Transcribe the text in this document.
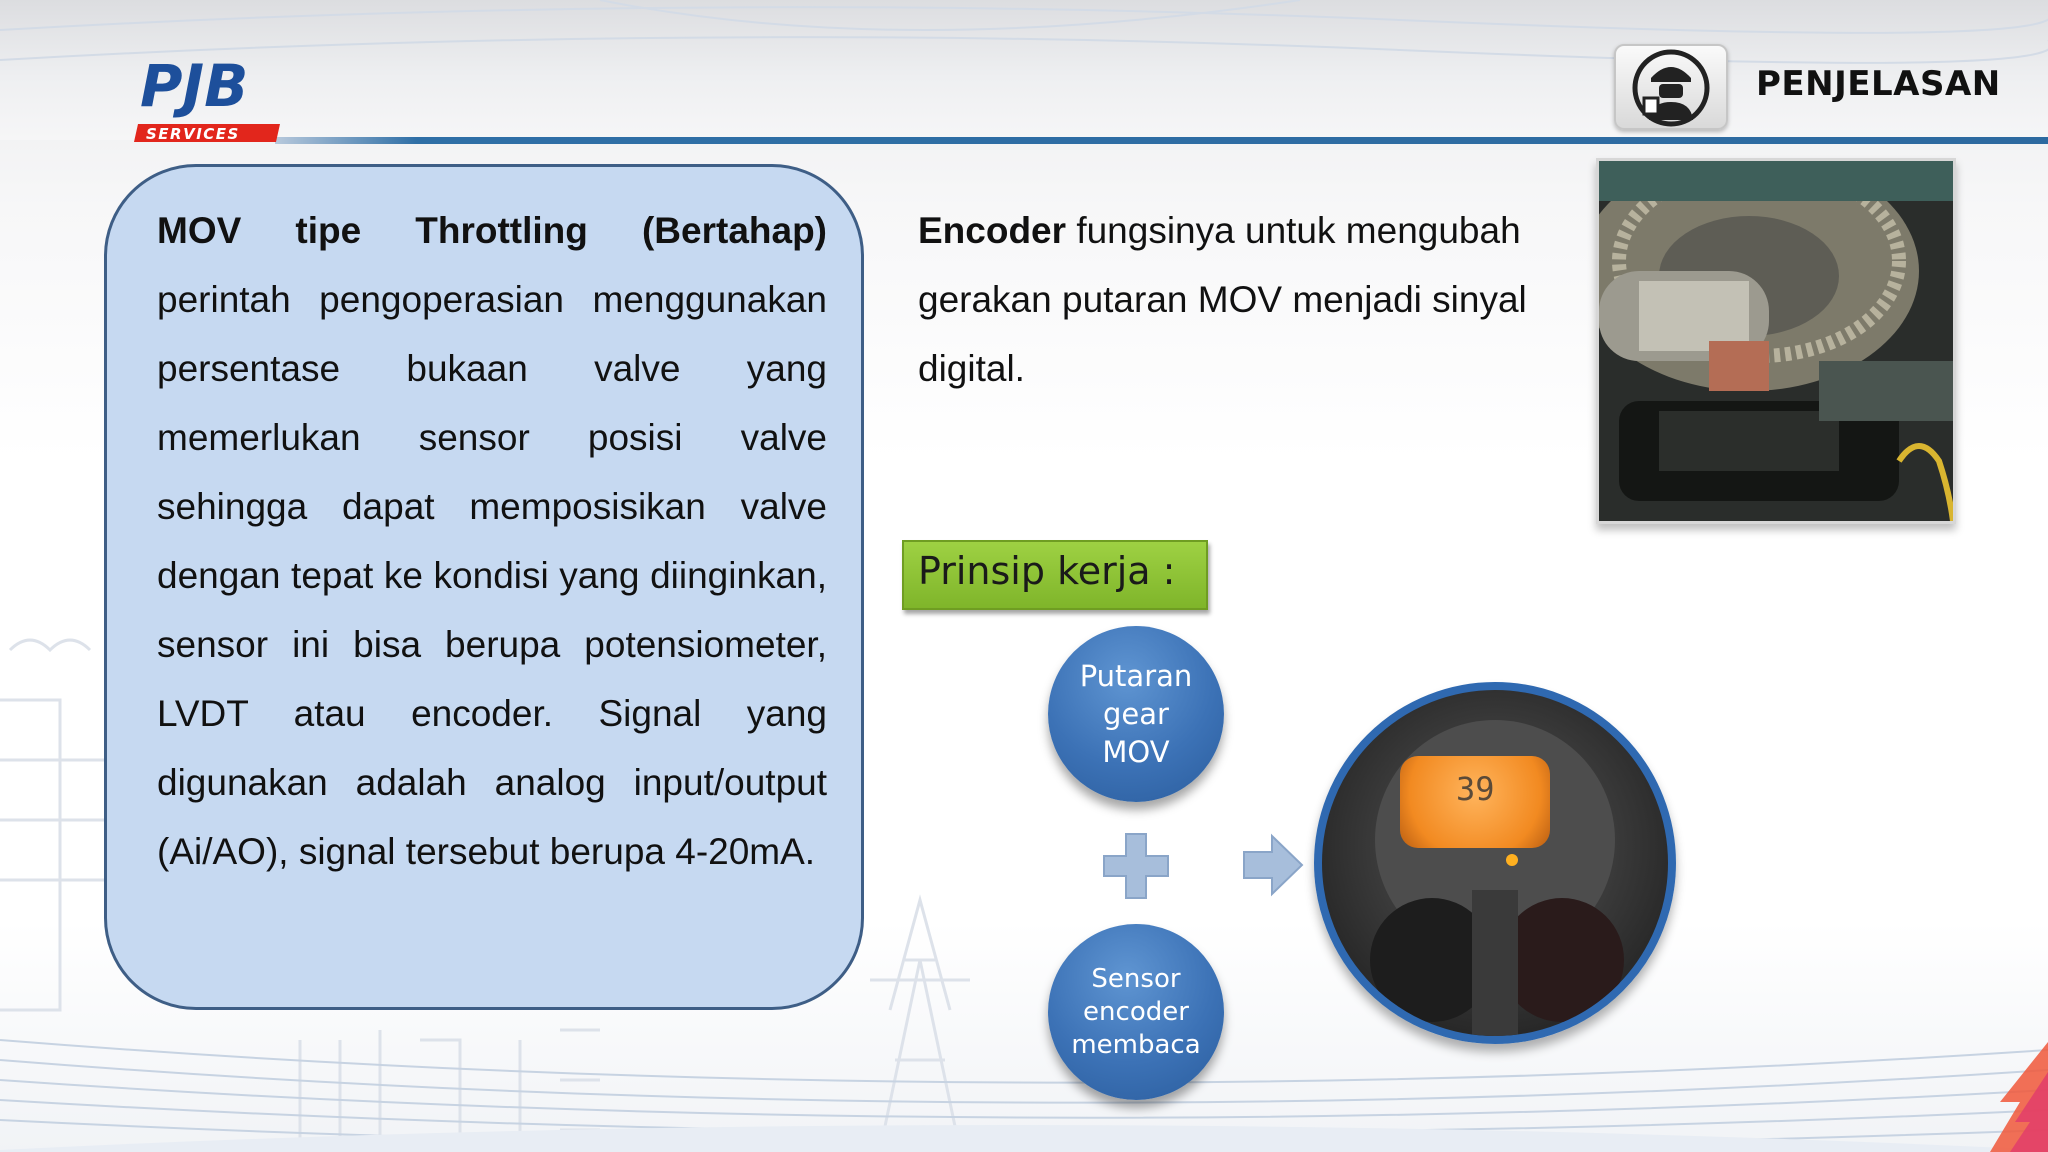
PJB
SERVICES
PENJELASAN
MOV tipe Throttling (Bertahap) perintah pengoperasian menggunakan persentase bukaan valve yang memerlukan sensor posisi valve sehingga dapat memposisikan valve dengan tepat ke kondisi yang diinginkan, sensor ini bisa berupa potensiometer, LVDT atau encoder. Signal yang digunakan adalah analog input/output (Ai/AO), signal tersebut berupa 4-20mA.
Encoder fungsinya untuk mengubah gerakan putaran MOV menjadi sinyal digital.
Prinsip kerja :
Putaran
gear
MOV
Sensor
encoder
membaca
39
